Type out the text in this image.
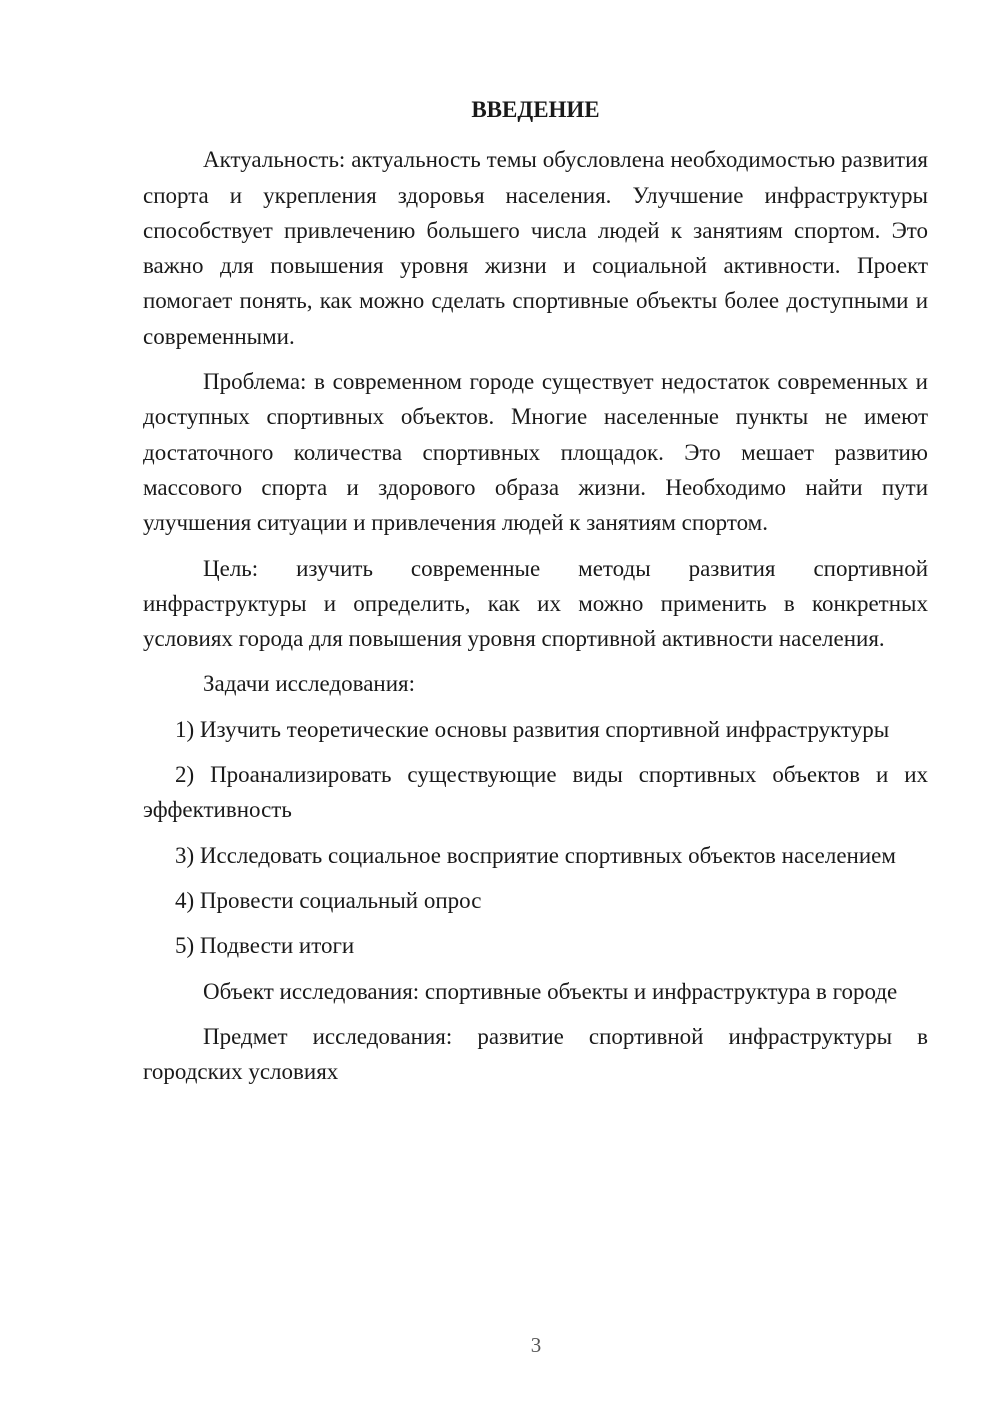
ВВЕДЕНИЕ

Актуальность: актуальность темы обусловлена необходимостью развития спорта и укрепления здоровья населения. Улучшение инфраструктуры способствует привлечению большего числа людей к занятиям спортом. Это важно для повышения уровня жизни и социальной активности. Проект помогает понять, как можно сделать спортивные объекты более доступными и современными.

Проблема: в современном городе существует недостаток современных и доступных спортивных объектов. Многие населенные пункты не имеют достаточного количества спортивных площадок. Это мешает развитию массового спорта и здорового образа жизни. Необходимо найти пути улучшения ситуации и привлечения людей к занятиям спортом.

Цель: изучить современные методы развития спортивной инфраструктуры и определить, как их можно применить в конкретных условиях города для повышения уровня спортивной активности населения.

Задачи исследования:

1) Изучить теоретические основы развития спортивной инфраструктуры

2) Проанализировать существующие виды спортивных объектов и их эффективность

3) Исследовать социальное восприятие спортивных объектов населением

4) Провести социальный опрос

5) Подвести итоги

Объект исследования: спортивные объекты и инфраструктура в городе

Предмет исследования: развитие спортивной инфраструктуры в городских условиях

3
